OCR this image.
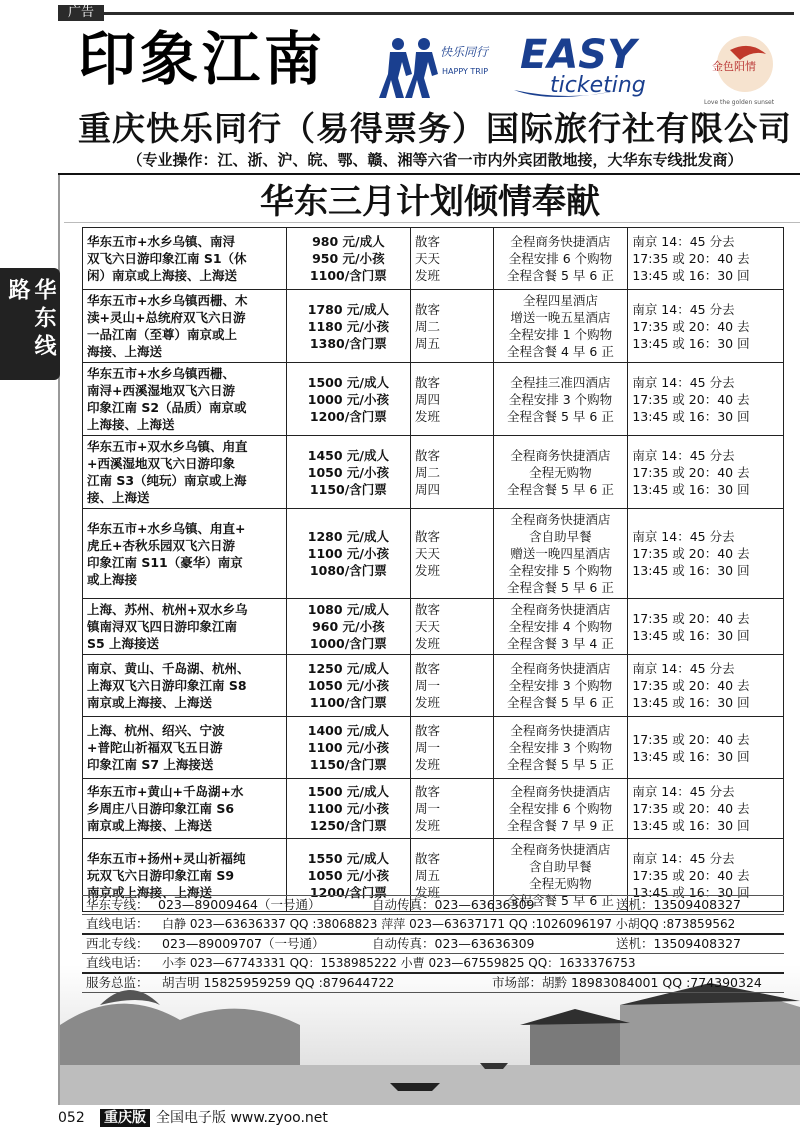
广告
印象江南	快乐同行
HAPPY TRIP EASY
ticketing
金色阳情
Love the golden sunset
重庆快乐同行（易得票务）国际旅行社有限公司
（专业操作：江、浙、沪、皖、鄂、赣、湘等六省一市内外宾团散地接，大华东专线批发商）
华东线路
华东三月计划倾情奉献
华东五市+水乡乌镇、南浔
双飞六日游印象江南 S1（休
闲）南京或上海接、上海送	980 元/成人
950 元/小孩
1100/含门票	散客
天天
发班	全程商务快捷酒店
全程安排 6 个购物
全程含餐 5 早 6 正	南京 14：45 分去
17:35 或 20：40 去
13:45 或 16：30 回

华东五市+水乡乌镇西栅、木
渎+灵山+总统府双飞六日游
一品江南（至尊）南京或上
海接、上海送	1780 元/成人
1180 元/小孩
1380/含门票	散客
周二
周五	全程四星酒店
增送一晚五星酒店
全程安排 1 个购物
全程含餐 4 早 6 正	南京 14：45 分去
17:35 或 20：40 去
13:45 或 16：30 回

华东五市+水乡乌镇西栅、
南浔+西溪湿地双飞六日游
印象江南 S2（品质）南京或
上海接、上海送	1500 元/成人
1000 元/小孩
1200/含门票	散客
周四
发班	全程挂三准四酒店
全程安排 3 个购物
全程含餐 5 早 6 正	南京 14：45 分去
17:35 或 20：40 去
13:45 或 16：30 回

华东五市+双水乡乌镇、甪直
+西溪湿地双飞六日游印象
江南 S3（纯玩）南京或上海
接、上海送	1450 元/成人
1050 元/小孩
1150/含门票	散客
周二
周四	全程商务快捷酒店
全程无购物
全程含餐 5 早 6 正	南京 14：45 分去
17:35 或 20：40 去
13:45 或 16：30 回

华东五市+水乡乌镇、甪直+
虎丘+杏秋乐园双飞六日游
印象江南 S11（豪华）南京
或上海接	1280 元/成人
1100 元/小孩
1080/含门票	散客
天天
发班	全程商务快捷酒店
含自助早餐
赠送一晚四星酒店
全程安排 5 个购物
全程含餐 5 早 6 正	南京 14：45 分去
17:35 或 20：40 去
13:45 或 16：30 回

上海、苏州、杭州+双水乡乌
镇南浔双飞四日游印象江南
S5 上海接送	1080 元/成人
960 元/小孩
1000/含门票	散客
天天
发班	全程商务快捷酒店
全程安排 4 个购物
全程含餐 3 早 4 正	17:35 或 20：40 去
13:45 或 16：30 回

南京、黄山、千岛湖、杭州、
上海双飞六日游印象江南 S8
南京或上海接、上海送	1250 元/成人
1050 元/小孩
1100/含门票	散客
周一
发班	全程商务快捷酒店
全程安排 3 个购物
全程含餐 5 早 6 正	南京 14：45 分去
17:35 或 20：40 去
13:45 或 16：30 回

上海、杭州、绍兴、宁波
+普陀山祈福双飞五日游
印象江南 S7 上海接送	1400 元/成人
1100 元/小孩
1150/含门票	散客
周一
发班	全程商务快捷酒店
全程安排 3 个购物
全程含餐 5 早 5 正	17:35 或 20：40 去
13:45 或 16：30 回

华东五市+黄山+千岛湖+水
乡周庄八日游印象江南 S6
南京或上海接、上海送	1500 元/成人
1100 元/小孩
1250/含门票	散客
周一
发班	全程商务快捷酒店
全程安排 6 个购物
全程含餐 7 早 9 正	南京 14：45 分去
17:35 或 20：40 去
13:45 或 16：30 回

华东五市+扬州+灵山祈福纯
玩双飞六日游印象江南 S9
南京或上海接、上海送	1550 元/成人
1050 元/小孩
1200/含门票	散客
周五
发班	全程商务快捷酒店
含自助早餐
全程无购物
全程含餐 5 早 6 正	南京 14：45 分去
17:35 或 20：40 去
13:45 或 16：30 回
华东专线： 023—89009464（一号通）	自动传真：023—63636309	送机：13509408327
直线电话： 白静 023—63636337 QQ :38068823 萍萍 023—63637171 QQ :1026096197 小胡QQ :873859562
西北专线： 023—89009707（一号通）	自动传真：023—63636309	送机：13509408327
直线电话： 小李 023—67743331 QQ：1538985222 小曹 023—67559825 QQ：1633376753
服务总监： 胡吉明 15825959259 QQ :879644722	市场部：胡黔 18983084001 QQ :774390324
052 重庆版 全国电子版 www.zyoo.net
